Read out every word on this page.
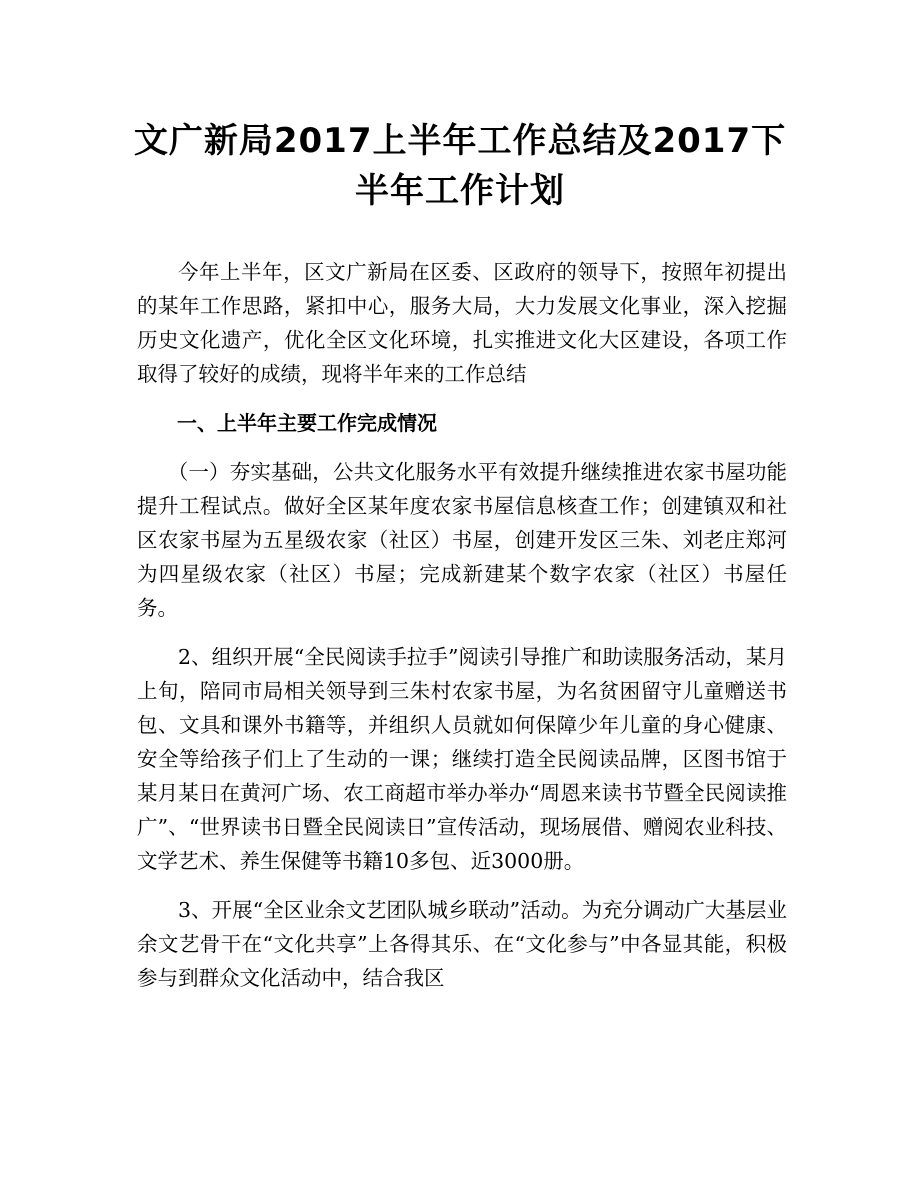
文广新局2017上半年工作总结及2017下半年工作计划

今年上半年，区文广新局在区委、区政府的领导下，按照年初提出的某年工作思路，紧扣中心，服务大局，大力发展文化事业，深入挖掘历史文化遗产，优化全区文化环境，扎实推进文化大区建设，各项工作取得了较好的成绩，现将半年来的工作总结

一、上半年主要工作完成情况

（一）夯实基础，公共文化服务水平有效提升继续推进农家书屋功能提升工程试点。做好全区某年度农家书屋信息核查工作；创建镇双和社区农家书屋为五星级农家（社区）书屋，创建开发区三朱、刘老庄郑河为四星级农家（社区）书屋；完成新建某个数字农家（社区）书屋任务。

2、组织开展“全民阅读手拉手”阅读引导推广和助读服务活动，某月上旬，陪同市局相关领导到三朱村农家书屋，为名贫困留守儿童赠送书包、文具和课外书籍等，并组织人员就如何保障少年儿童的身心健康、安全等给孩子们上了生动的一课；继续打造全民阅读品牌，区图书馆于某月某日在黄河广场、农工商超市举办举办“周恩来读书节暨全民阅读推广”、“世界读书日暨全民阅读日”宣传活动，现场展借、赠阅农业科技、文学艺术、养生保健等书籍10多包、近3000册。

3、开展“全区业余文艺团队城乡联动”活动。为充分调动广大基层业余文艺骨干在“文化共享”上各得其乐、在“文化参与”中各显其能，积极参与到群众文化活动中，结合我区
